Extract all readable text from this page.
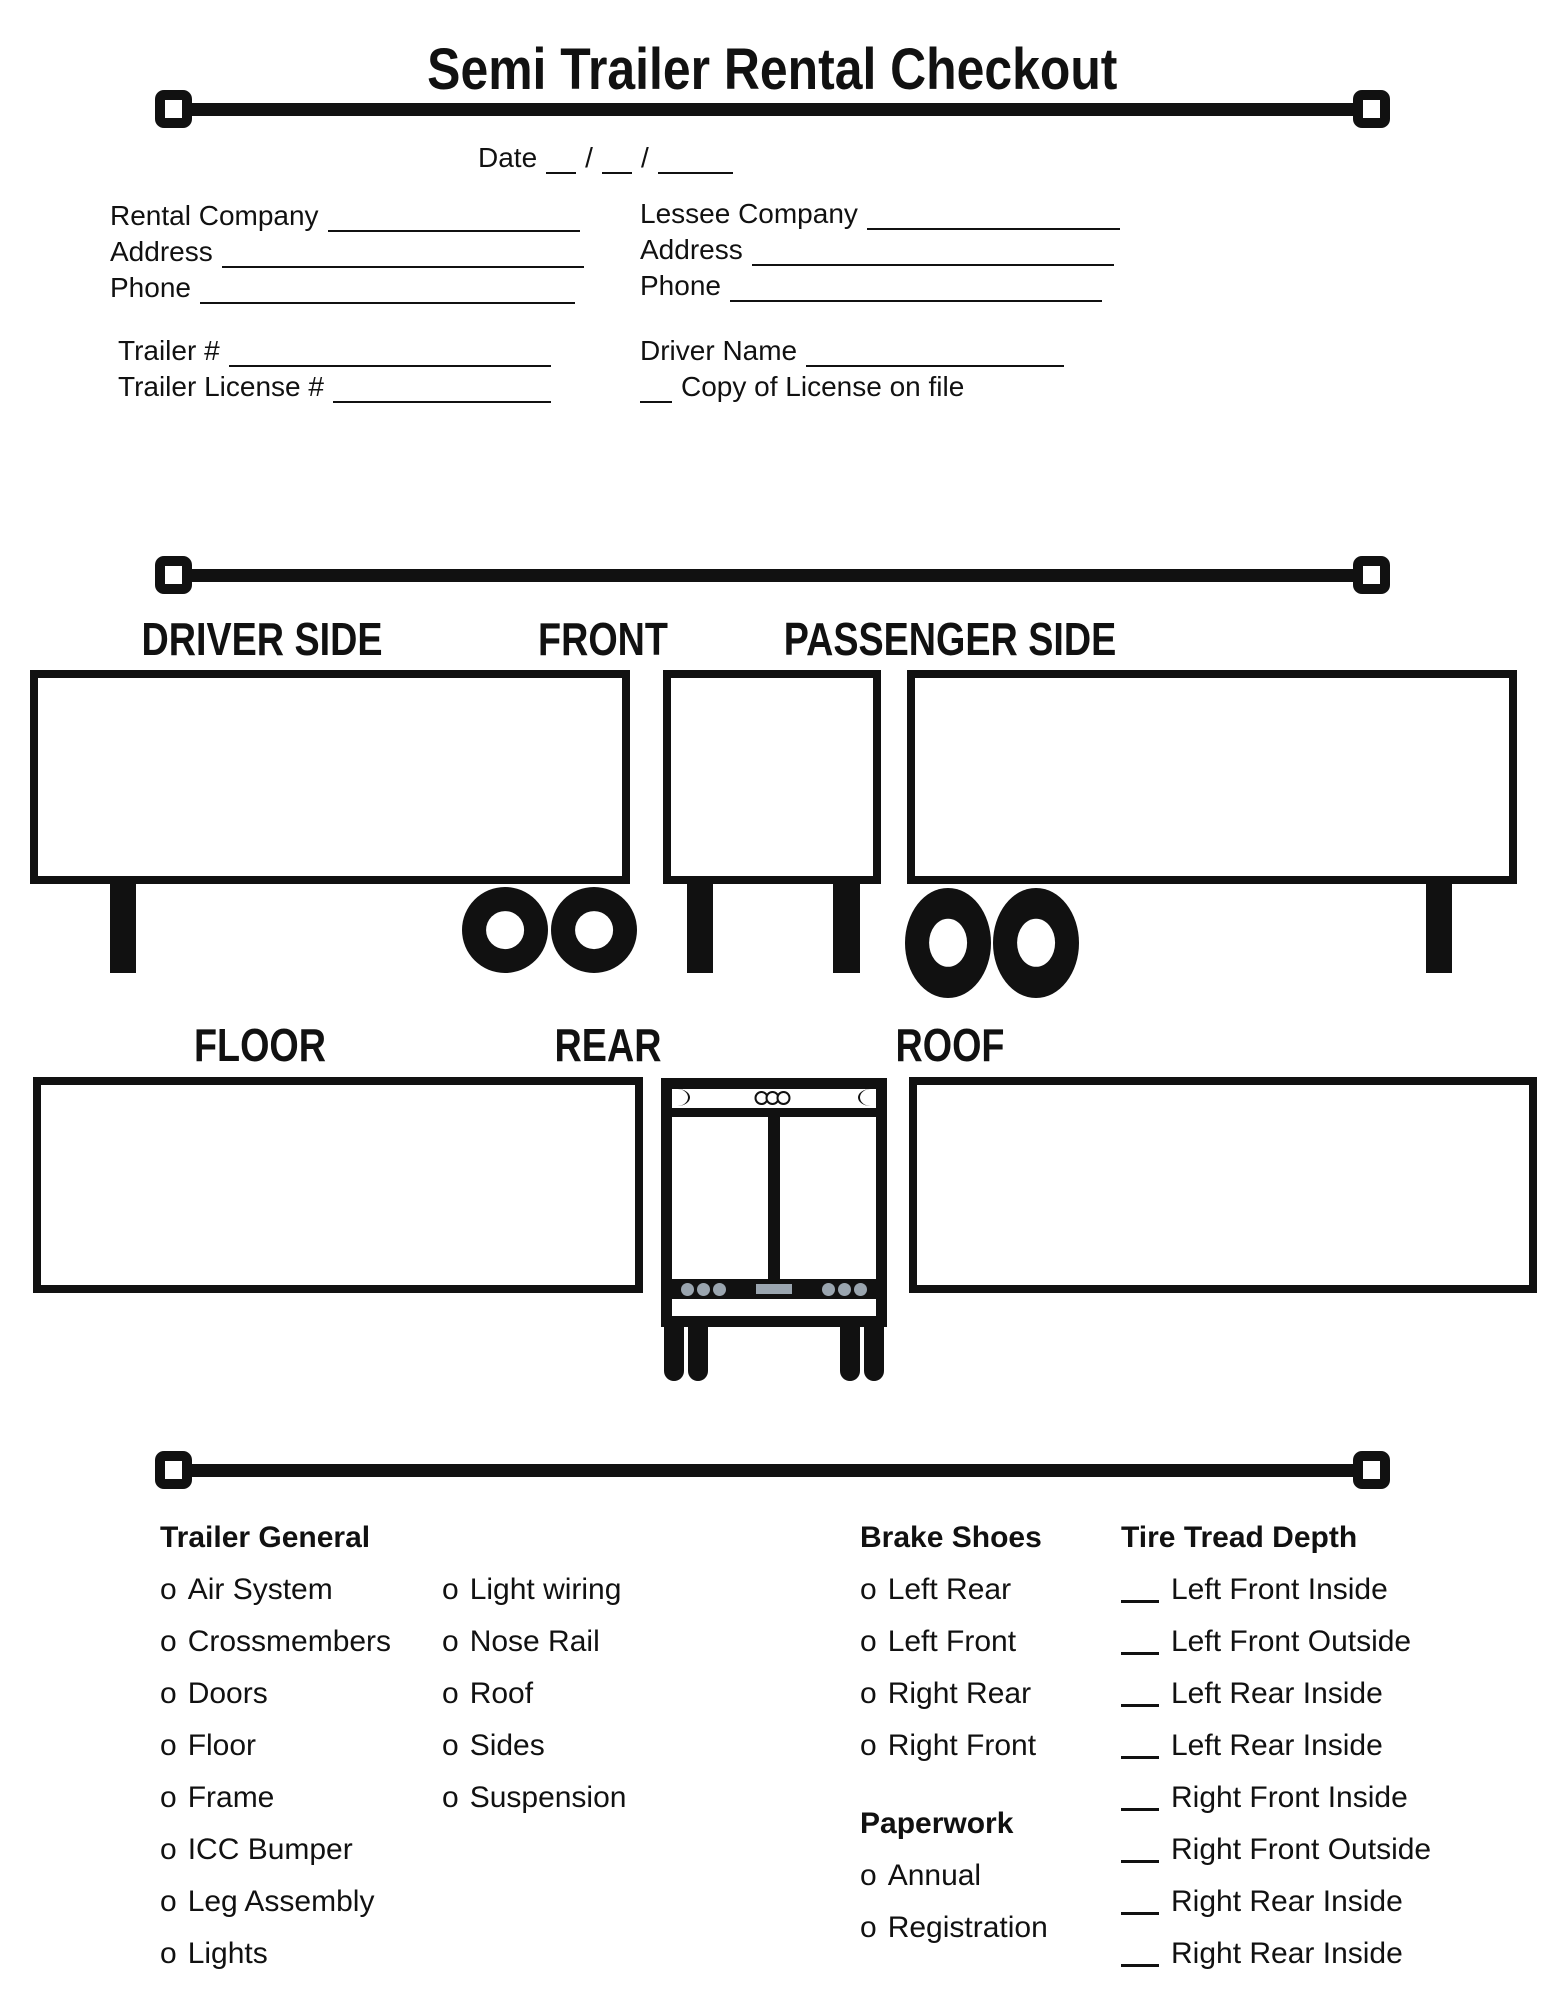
Semi Trailer Rental Checkout
Date / /
Rental Company
Address
Phone
Lessee Company
Address
Phone
Trailer #
Trailer License #
Driver Name
Copy of License on file
DRIVER SIDE	FRONT	PASSENGER SIDE
FLOOR	REAR	ROOF
Trailer General
o Air System
o Crossmembers
o Doors
o Floor
o Frame
o ICC Bumper
o Leg Assembly
o Lights
o Light wiring
o Nose Rail
o Roof
o Sides
o Suspension
Brake Shoes
o Left Rear
o Left Front
o Right Rear
o Right Front
Paperwork
o Annual
o Registration
Tire Tread Depth
Left Front Inside
Left Front Outside
Left Rear Inside
Left Rear Inside
Right Front Inside
Right Front Outside
Right Rear Inside
Right Rear Inside
